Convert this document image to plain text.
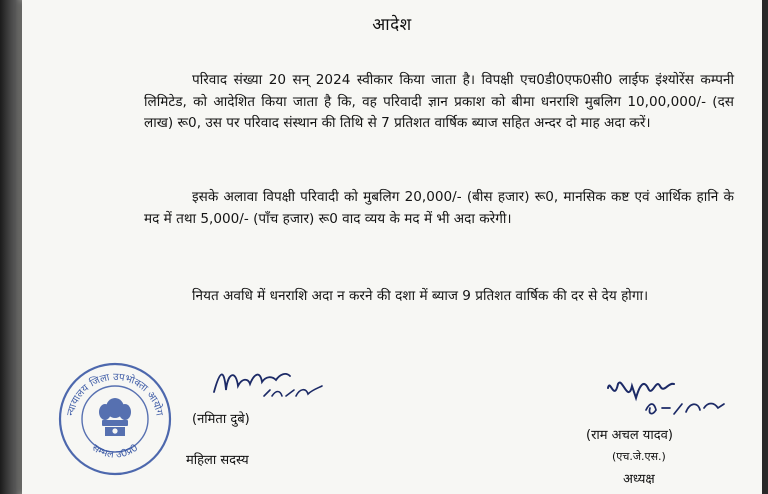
आदेश
परिवाद संख्या 20 सन् 2024 स्वीकार किया जाता है। विपक्षी एच0डी0एफ0सी0 लाईफ इंश्योरेंस कम्पनी लिमिटेड, को आदेशित किया जाता है कि, वह परिवादी ज्ञान प्रकाश को बीमा धनराशि मुबलिग 10,00,000/- (दस लाख) रू0, उस पर परिवाद संस्थान की तिथि से 7 प्रतिशत वार्षिक ब्याज सहित अन्दर दो माह अदा करें।
इसके अलावा विपक्षी परिवादी को मुबलिग 20,000/- (बीस हजार) रू0, मानसिक कष्ट एवं आर्थिक हानि के मद में तथा 5,000/- (पाँच हजार) रू0 वाद व्यय के मद में भी अदा करेगी।
नियत अवधि में धनराशि अदा न करने की दशा में ब्याज 9 प्रतिशत वार्षिक की दर से देय होगा।
न्यायालय जिला उपभोक्ता आयोग
सम्भल उ0प्र0
(नमिता दुबे)
महिला सदस्य
(राम अचल यादव)
(एच.जे.एस.)
अध्यक्ष
